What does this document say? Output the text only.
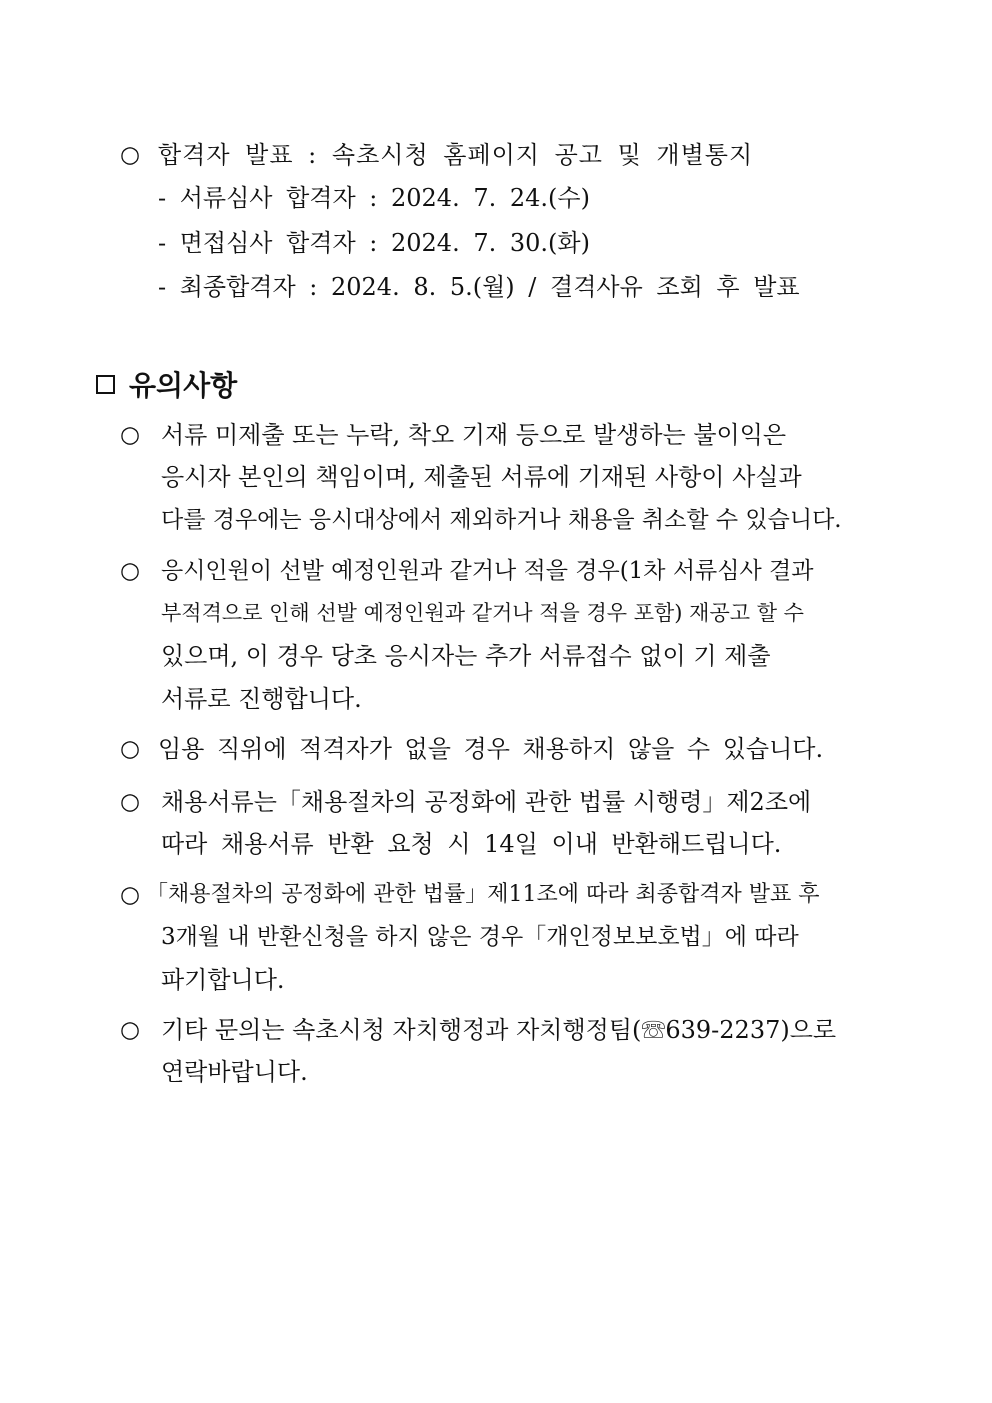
○ 합격자 발표 : 속초시청 홈페이지 공고 및 개별통지
- 서류심사 합격자 : 2024. 7. 24.(수)
- 면접심사 합격자 : 2024. 7. 30.(화)
- 최종합격자 : 2024. 8. 5.(월) / 결격사유 조회 후 발표
유의사항
○ 서류 미제출 또는 누락, 착오 기재 등으로 발생하는 불이익은
응시자 본인의 책임이며, 제출된 서류에 기재된 사항이 사실과
다를 경우에는 응시대상에서 제외하거나 채용을 취소할 수 있습니다.
○ 응시인원이 선발 예정인원과 같거나 적을 경우(1차 서류심사 결과
부적격으로 인해 선발 예정인원과 같거나 적을 경우 포함) 재공고 할 수
있으며, 이 경우 당초 응시자는 추가 서류접수 없이 기 제출
서류로 진행합니다.
○ 임용 직위에 적격자가 없을 경우 채용하지 않을 수 있습니다.
○ 채용서류는「채용절차의 공정화에 관한 법률 시행령」제2조에
따라 채용서류 반환 요청 시 14일 이내 반환해드립니다.
○ 「채용절차의 공정화에 관한 법률」제11조에 따라 최종합격자 발표 후
3개월 내 반환신청을 하지 않은 경우「개인정보보호법」에 따라
파기합니다.
○ 기타 문의는 속초시청 자치행정과 자치행정팀(☏639-2237)으로
연락바랍니다.
